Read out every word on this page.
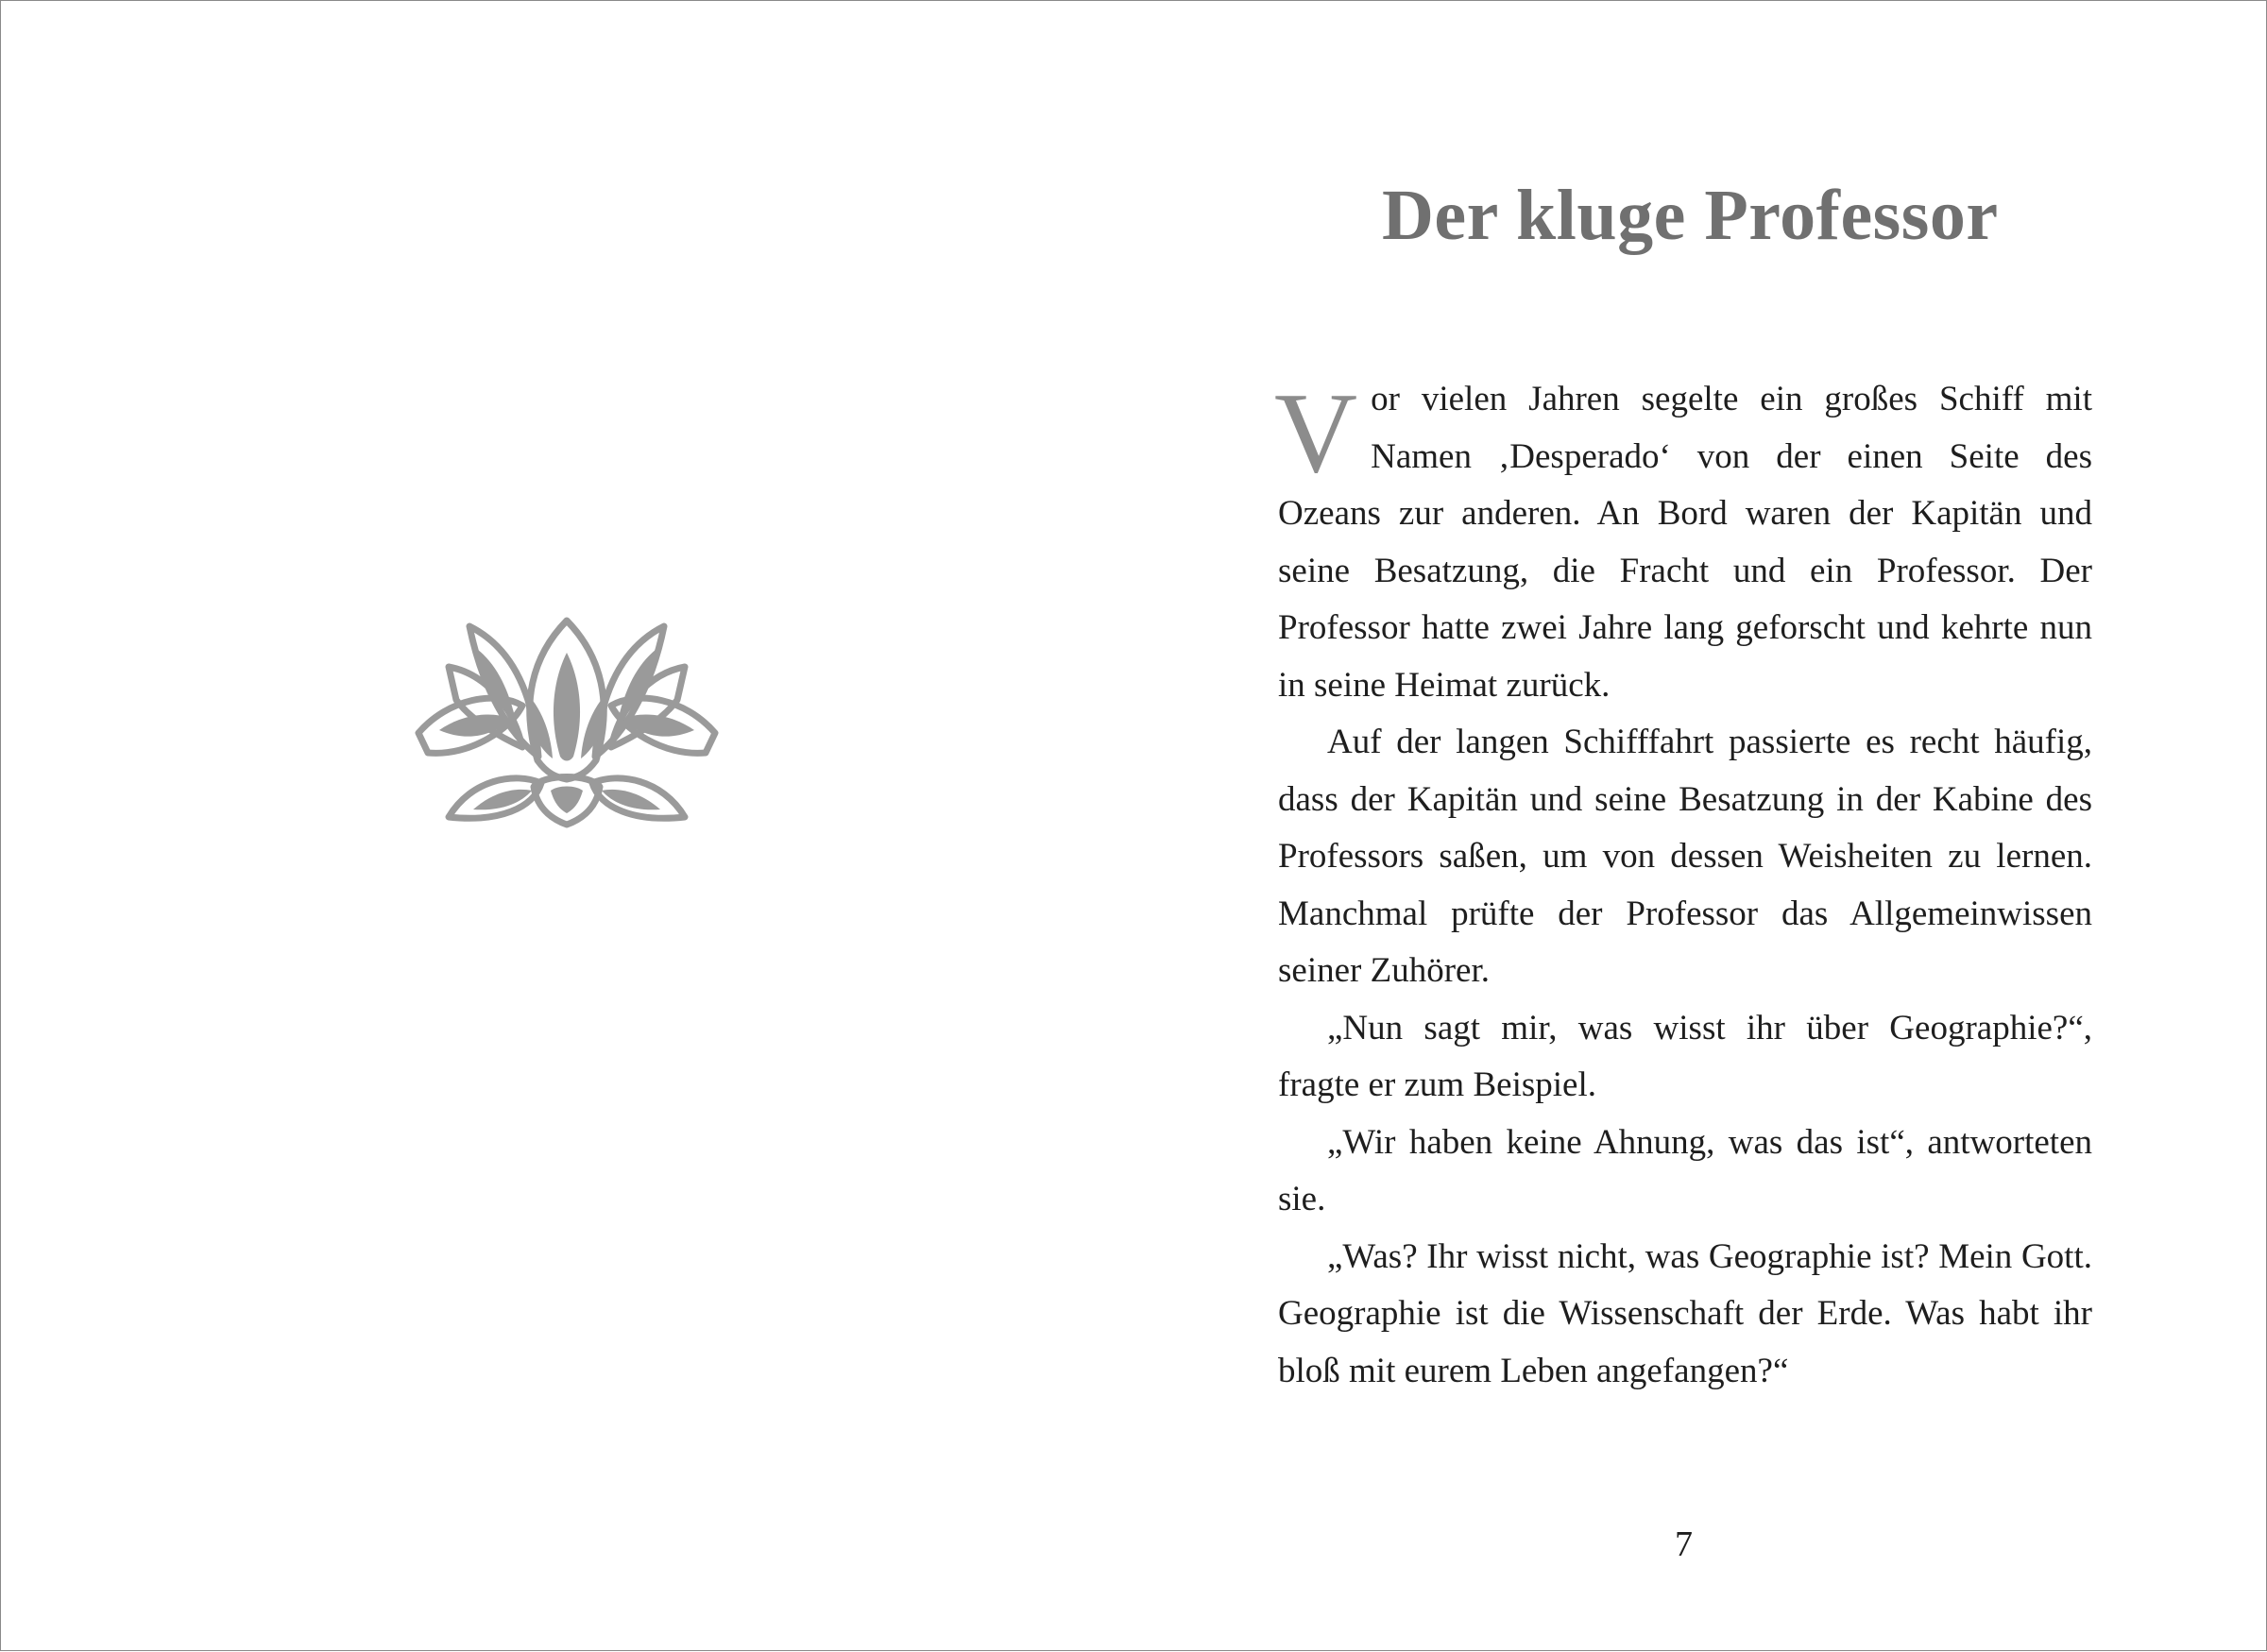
Der kluge Professor

Vor vielen Jahren segelte ein großes Schiff mit Namen ‚Desperado‘ von der einen Seite des Ozeans zur anderen. An Bord waren der Kapitän und seine Besatzung, die Fracht und ein Professor. Der Professor hatte zwei Jahre lang geforscht und kehrte nun in seine Heimat zurück.

Auf der langen Schifffahrt passierte es recht häufig, dass der Kapitän und seine Besatzung in der Kabine des Professors saßen, um von dessen Weisheiten zu lernen. Manchmal prüfte der Professor das Allgemeinwissen seiner Zuhörer.

„Nun sagt mir, was wisst ihr über Geographie?“, fragte er zum Beispiel.

„Wir haben keine Ahnung, was das ist“, antworteten sie.

„Was? Ihr wisst nicht, was Geographie ist? Mein Gott. Geographie ist die Wissenschaft der Erde. Was habt ihr bloß mit eurem Leben angefangen?“

7
